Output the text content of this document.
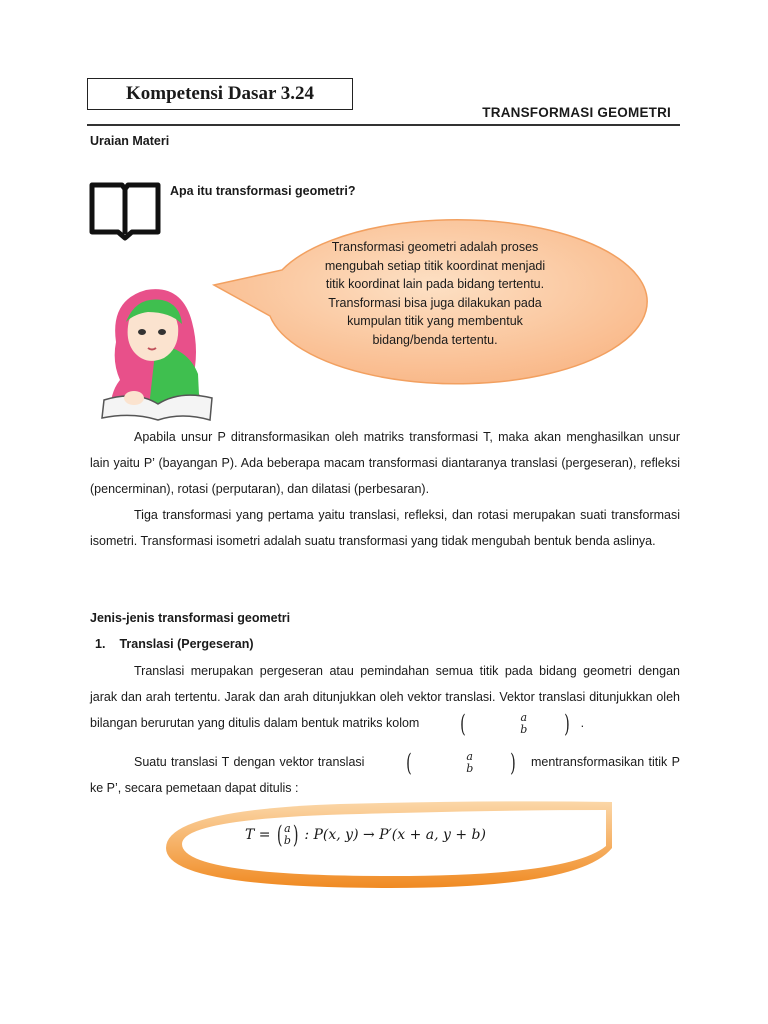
Kompetensi Dasar 3.24
TRANSFORMASI GEOMETRI
Uraian Materi
Apa itu transformasi geometri?
Transformasi geometri adalah proses
mengubah setiap titik koordinat menjadi
titik koordinat lain pada bidang tertentu.
Transformasi bisa juga dilakukan pada
kumpulan titik yang membentuk
bidang/benda tertentu.

Apabila unsur P ditransformasikan oleh matriks transformasi T, maka akan menghasilkan unsur lain yaitu P’ (bayangan P). Ada beberapa macam transformasi diantaranya translasi (pergeseran), refleksi (pencerminan), rotasi (perputaran), dan dilatasi (perbesaran).

Tiga transformasi yang pertama yaitu translasi, refleksi, dan rotasi merupakan suati transformasi isometri. Transformasi isometri adalah suatu transformasi yang tidak mengubah bentuk benda aslinya.

Jenis-jenis transformasi geometri
1. Translasi (Pergeseran)

Translasi merupakan pergeseran atau pemindahan semua titik pada bidang geometri dengan jarak dan arah tertentu. Jarak dan arah ditunjukkan oleh vektor translasi. Vektor translasi ditunjukkan oleh bilangan berurutan yang ditulis dalam bentuk matriks kolom	(	a
b	) .

Suatu translasi T dengan vektor translasi	(	a
b	) mentransformasikan titik P ke P’, secara pemetaan dapat ditulis :

T = ( a
b ) : P(x, y) → P′(x + a, y + b)
